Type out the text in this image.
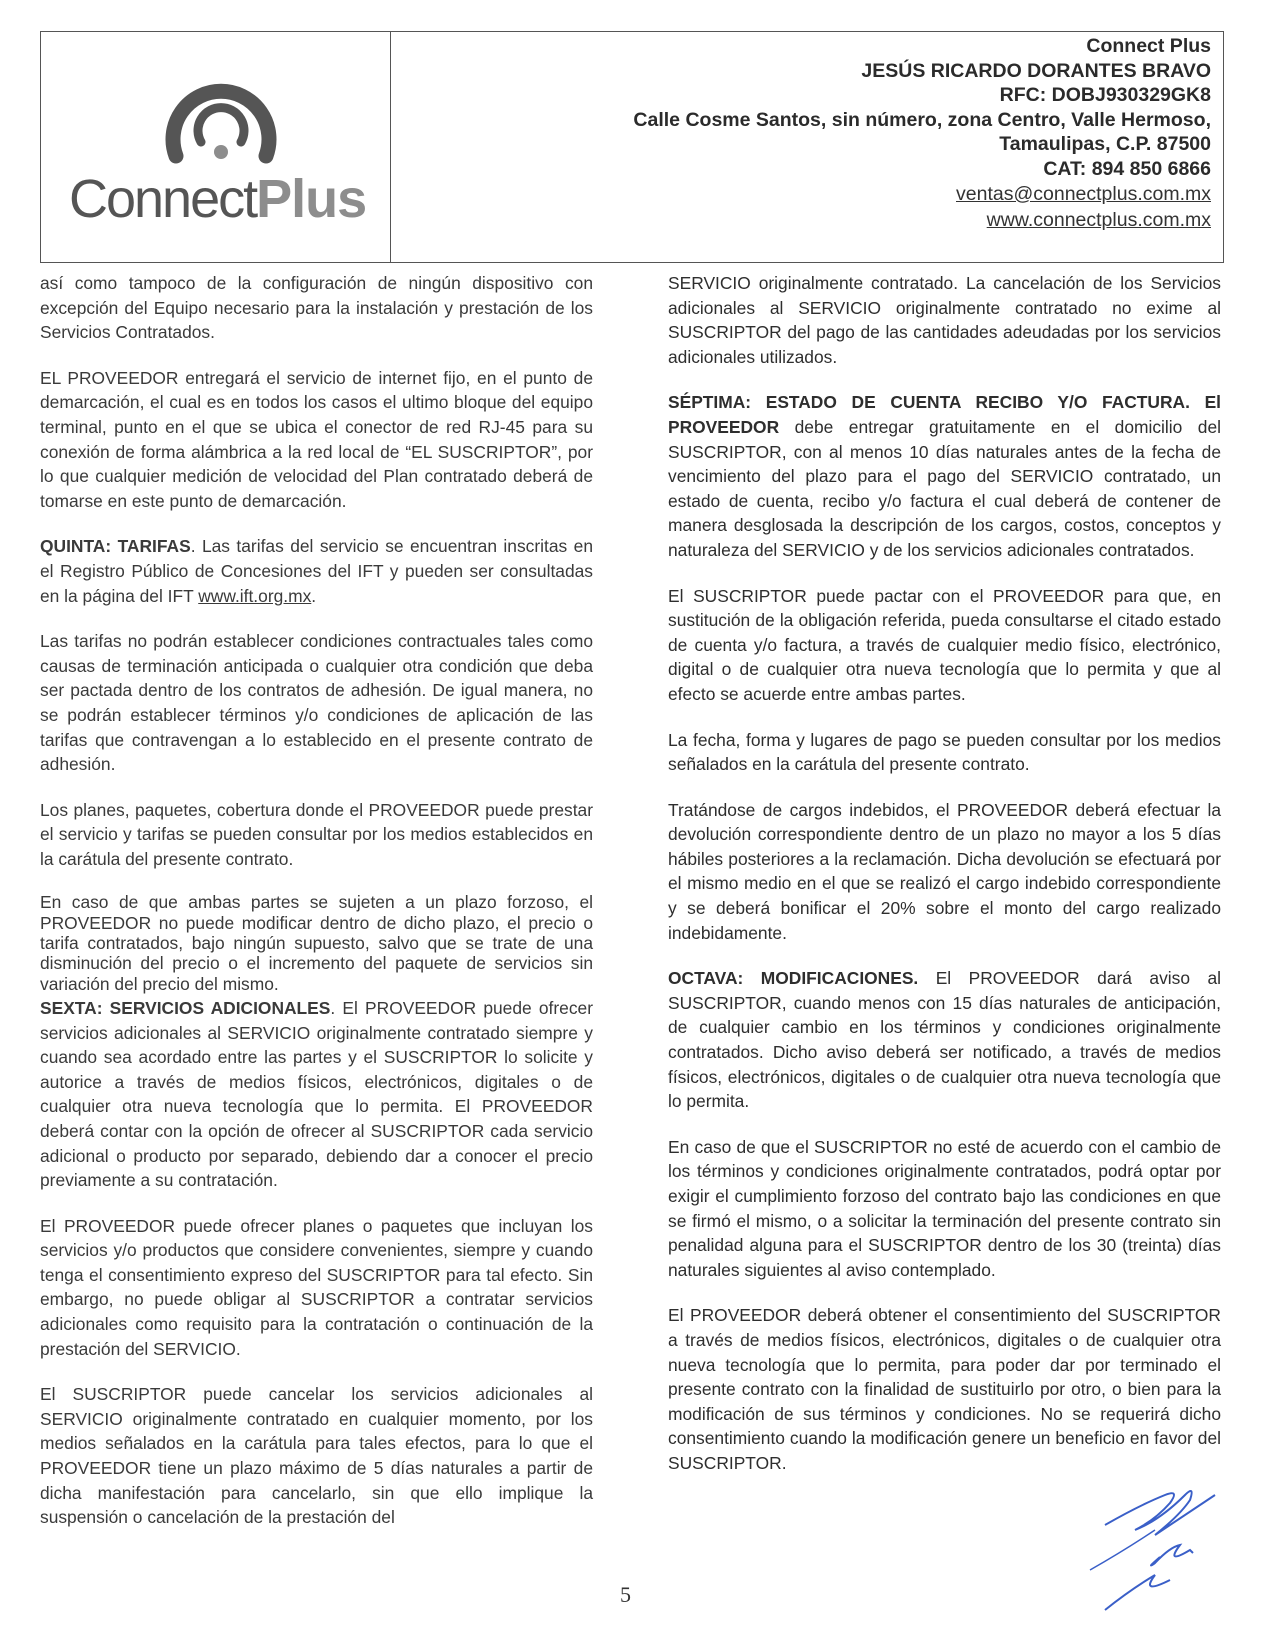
ConnectPlus
Connect Plus
JESÚS RICARDO DORANTES BRAVO
RFC: DOBJ930329GK8
Calle Cosme Santos, sin número, zona Centro, Valle Hermoso,
Tamaulipas, C.P. 87500
CAT: 894 850 6866
ventas@connectplus.com.mx
www.connectplus.com.mx

así como tampoco de la configuración de ningún dispositivo con excepción del Equipo necesario para la instalación y prestación de los Servicios Contratados.

EL PROVEEDOR entregará el servicio de internet fijo, en el punto de demarcación, el cual es en todos los casos el ultimo bloque del equipo terminal, punto en el que se ubica el conector de red RJ-45 para su conexión de forma alámbrica a la red local de “EL SUSCRIPTOR”, por lo que cualquier medición de velocidad del Plan contratado deberá de tomarse en este punto de demarcación.

QUINTA: TARIFAS. Las tarifas del servicio se encuentran inscritas en el Registro Público de Concesiones del IFT y pueden ser consultadas en la página del IFT www.ift.org.mx.

Las tarifas no podrán establecer condiciones contractuales tales como causas de terminación anticipada o cualquier otra condición que deba ser pactada dentro de los contratos de adhesión. De igual manera, no se podrán establecer términos y/o condiciones de aplicación de las tarifas que contravengan a lo establecido en el presente contrato de adhesión.

Los planes, paquetes, cobertura donde el PROVEEDOR puede prestar el servicio y tarifas se pueden consultar por los medios establecidos en la carátula del presente contrato.

En caso de que ambas partes se sujeten a un plazo forzoso, el PROVEEDOR no puede modificar dentro de dicho plazo, el precio o tarifa contratados, bajo ningún supuesto, salvo que se trate de una disminución del precio o el incremento del paquete de servicios sin variación del precio del mismo.

SEXTA: SERVICIOS ADICIONALES. El PROVEEDOR puede ofrecer servicios adicionales al SERVICIO originalmente contratado siempre y cuando sea acordado entre las partes y el SUSCRIPTOR lo solicite y autorice a través de medios físicos, electrónicos, digitales o de cualquier otra nueva tecnología que lo permita. El PROVEEDOR deberá contar con la opción de ofrecer al SUSCRIPTOR cada servicio adicional o producto por separado, debiendo dar a conocer el precio previamente a su contratación.

El PROVEEDOR puede ofrecer planes o paquetes que incluyan los servicios y/o productos que considere convenientes, siempre y cuando tenga el consentimiento expreso del SUSCRIPTOR para tal efecto. Sin embargo, no puede obligar al SUSCRIPTOR a contratar servicios adicionales como requisito para la contratación o continuación de la prestación del SERVICIO.

El SUSCRIPTOR puede cancelar los servicios adicionales al SERVICIO originalmente contratado en cualquier momento, por los medios señalados en la carátula para tales efectos, para lo que el PROVEEDOR tiene un plazo máximo de 5 días naturales a partir de dicha manifestación para cancelarlo, sin que ello implique la suspensión o cancelación de la prestación del

SERVICIO originalmente contratado. La cancelación de los Servicios adicionales al SERVICIO originalmente contratado no exime al SUSCRIPTOR del pago de las cantidades adeudadas por los servicios adicionales utilizados.

SÉPTIMA: ESTADO DE CUENTA RECIBO Y/O FACTURA. El PROVEEDOR debe entregar gratuitamente en el domicilio del SUSCRIPTOR, con al menos 10 días naturales antes de la fecha de vencimiento del plazo para el pago del SERVICIO contratado, un estado de cuenta, recibo y/o factura el cual deberá de contener de manera desglosada la descripción de los cargos, costos, conceptos y naturaleza del SERVICIO y de los servicios adicionales contratados.

El SUSCRIPTOR puede pactar con el PROVEEDOR para que, en sustitución de la obligación referida, pueda consultarse el citado estado de cuenta y/o factura, a través de cualquier medio físico, electrónico, digital o de cualquier otra nueva tecnología que lo permita y que al efecto se acuerde entre ambas partes.

La fecha, forma y lugares de pago se pueden consultar por los medios señalados en la carátula del presente contrato.

Tratándose de cargos indebidos, el PROVEEDOR deberá efectuar la devolución correspondiente dentro de un plazo no mayor a los 5 días hábiles posteriores a la reclamación. Dicha devolución se efectuará por el mismo medio en el que se realizó el cargo indebido correspondiente y se deberá bonificar el 20% sobre el monto del cargo realizado indebidamente.

OCTAVA: MODIFICACIONES. El PROVEEDOR dará aviso al SUSCRIPTOR, cuando menos con 15 días naturales de anticipación, de cualquier cambio en los términos y condiciones originalmente contratados. Dicho aviso deberá ser notificado, a través de medios físicos, electrónicos, digitales o de cualquier otra nueva tecnología que lo permita.

En caso de que el SUSCRIPTOR no esté de acuerdo con el cambio de los términos y condiciones originalmente contratados, podrá optar por exigir el cumplimiento forzoso del contrato bajo las condiciones en que se firmó el mismo, o a solicitar la terminación del presente contrato sin penalidad alguna para el SUSCRIPTOR dentro de los 30 (treinta) días naturales siguientes al aviso contemplado.

El PROVEEDOR deberá obtener el consentimiento del SUSCRIPTOR a través de medios físicos, electrónicos, digitales o de cualquier otra nueva tecnología que lo permita, para poder dar por terminado el presente contrato con la finalidad de sustituirlo por otro, o bien para la modificación de sus términos y condiciones. No se requerirá dicho consentimiento cuando la modificación genere un beneficio en favor del SUSCRIPTOR.

5
